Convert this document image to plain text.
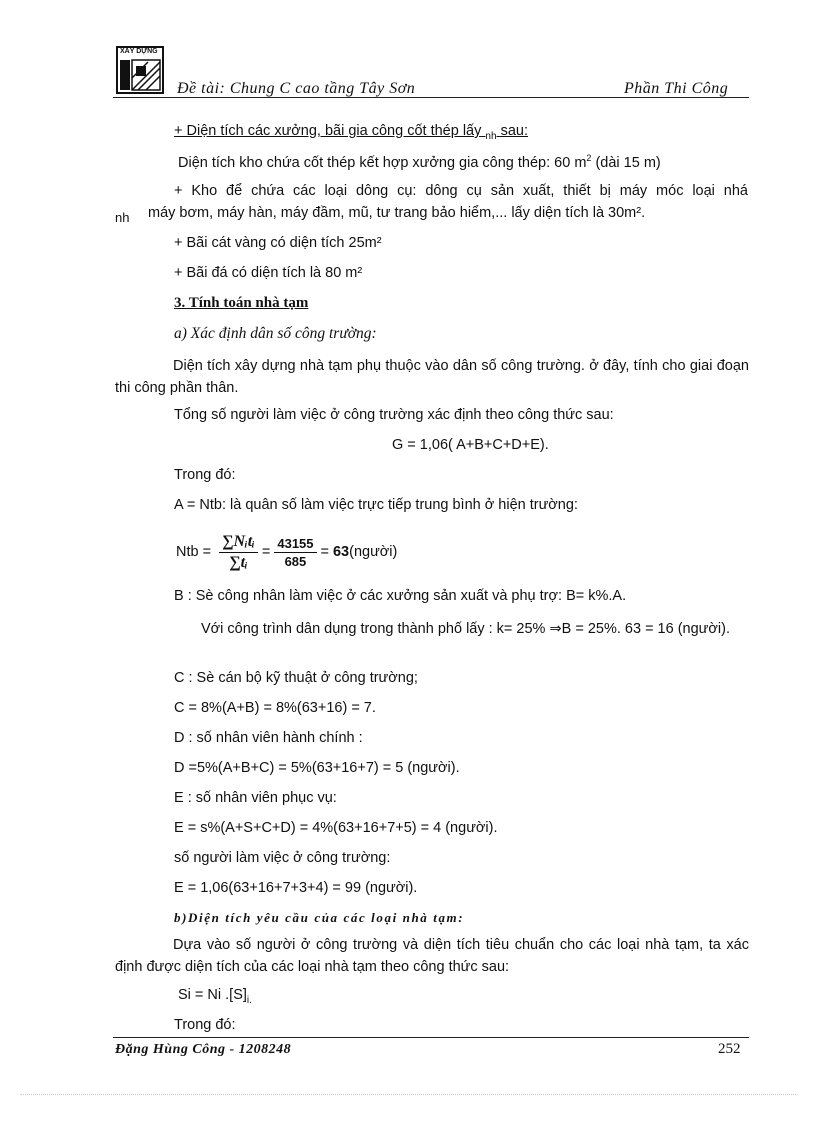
XÂY DỰNG
Đề tài: Chung C cao tầng Tây Sơn	Phần Thi Công
+ Diện tích các xưởng, bãi gia công cốt thép lấy $_{nh}$ sau:
Diện tích kho chứa cốt thép kết hợp xưởng gia công thép: 60 $m^2$ (dài 15 m)
+ Kho để chứa các loại dông cụ: dông cụ sản xuất, thiết bị máy móc loại nhá
nh máy bơm, máy hàn, máy đầm, mũ, tư trang bảo hiểm,... lấy diện tích là 30m².
+ Bãi cát vàng có diện tích 25m²
+ Bãi đá có diện tích là 80 m²
3. Tính toán nhà tạm
a) Xác định dân số công trường:
Diện tích xây dựng nhà tạm phụ thuộc vào dân số công trường. ở đây, tính cho giai đoạn thi công phần thân.
Tổng số người làm việc ở công trường xác định theo công thức sau:
G = 1,06( A+B+C+D+E).
Trong đó:
A = Ntb: là quân số làm việc trực tiếp trung bình ở hiện trường:
Ntb = $\frac{\text{∑Nᵢtᵢ}}{\text{∑tᵢ}} = \frac{43155}{685} = 63$ (người)
B : Sè công nhân làm việc ở các xưởng sản xuất và phụ trợ: B= k%.A.
Với công trình dân dụng trong thành phố lấy : k= 25% ⇒B = 25%. 63 = 16 (người).
C : Sè cán bộ kỹ thuật ở công trường;
C = 8%(A+B) = 8%(63+16) = 7.
D : số nhân viên hành chính :
D =5%(A+B+C) = 5%(63+16+7) = 5 (người).
E : số nhân viên phục vụ:
E = s%(A+S+C+D) = 4%(63+16+7+5) = 4 (người).
số người làm việc ở công trường:
E = 1,06(63+16+7+3+4) = 99 (người).
b)Diện tích yêu cầu của các loại nhà tạm:
Dựa vào số người ở công trường và diện tích tiêu chuẩn cho các loại nhà tạm, ta xác định được diện tích của các loại nhà tạm theo công thức sau:
Si = Ni $.[S]_{i.}$
Trong đó:
Đặng Hùng Công - 1208248	252
